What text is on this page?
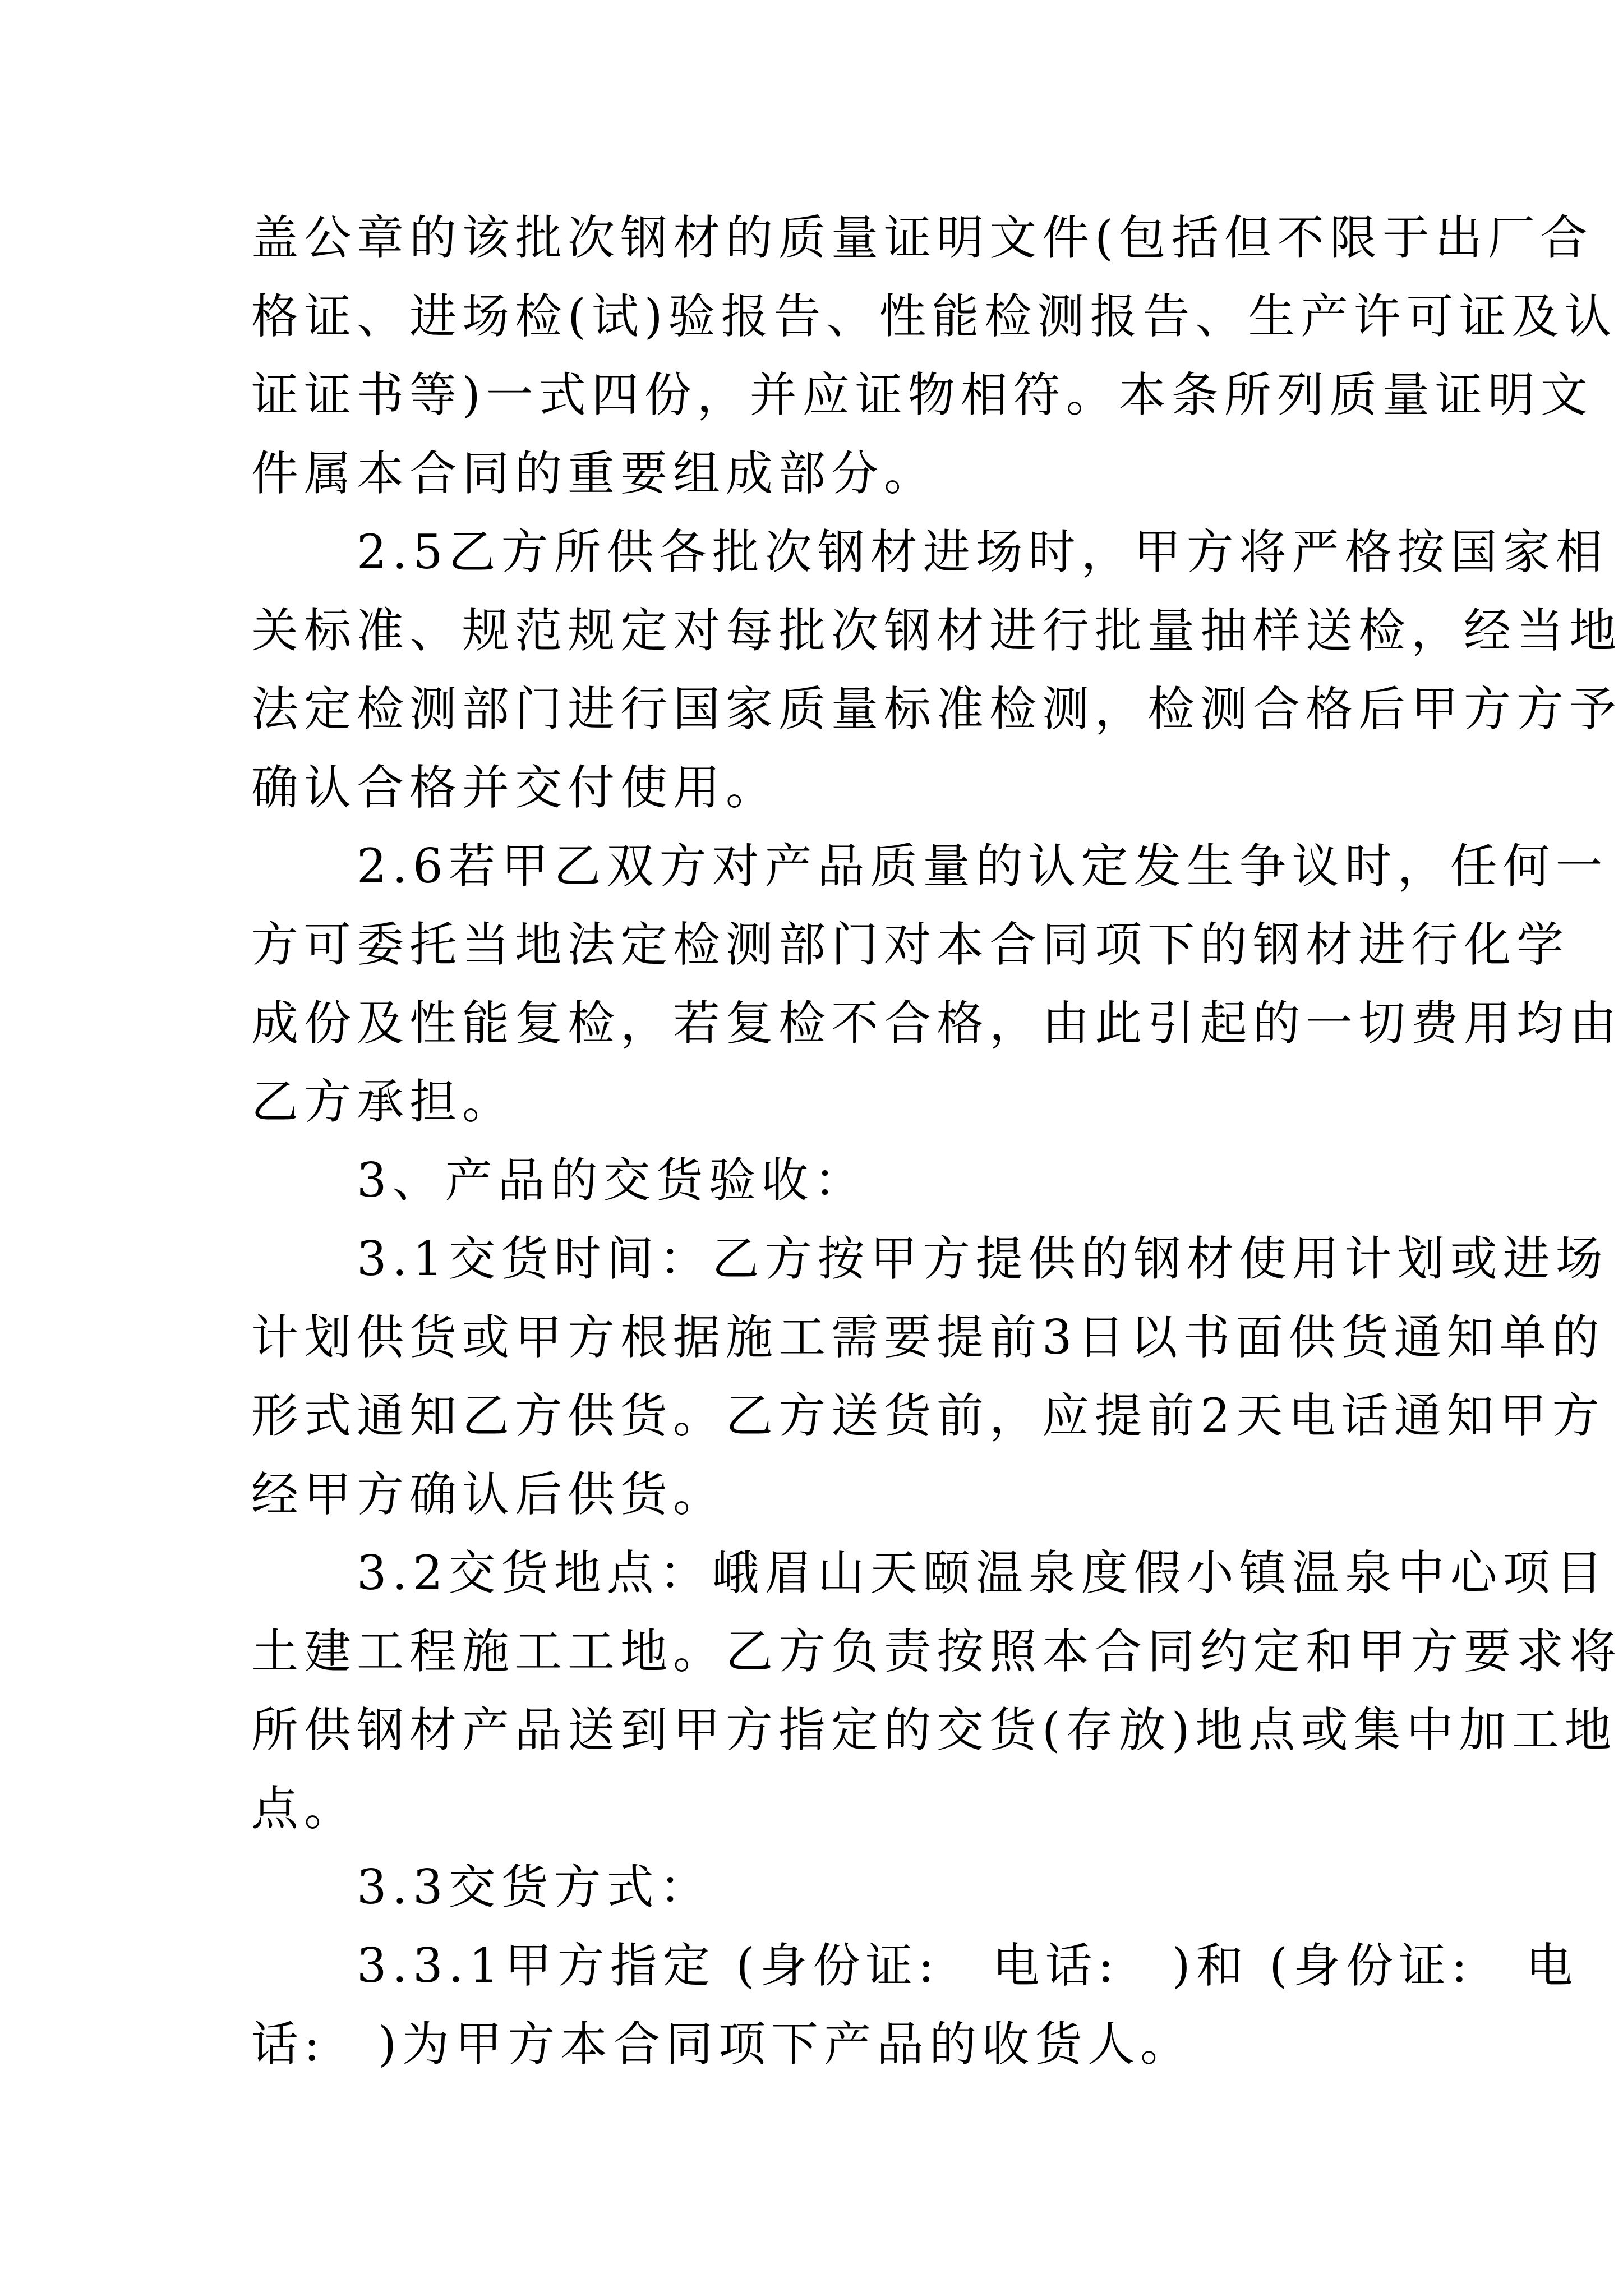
盖公章的该批次钢材的质量证明文件(包括但不限于出厂合
格证、进场检(试)验报告、性能检测报告、生产许可证及认
证证书等)一式四份，并应证物相符。本条所列质量证明文
件属本合同的重要组成部分。
　　2.5乙方所供各批次钢材进场时，甲方将严格按国家相
关标准、规范规定对每批次钢材进行批量抽样送检，经当地
法定检测部门进行国家质量标准检测，检测合格后甲方方予
确认合格并交付使用。
　　2.6若甲乙双方对产品质量的认定发生争议时，任何一
方可委托当地法定检测部门对本合同项下的钢材进行化学
成份及性能复检，若复检不合格，由此引起的一切费用均由
乙方承担。
　　3、产品的交货验收：
　　3.1交货时间：乙方按甲方提供的钢材使用计划或进场
计划供货或甲方根据施工需要提前3日以书面供货通知单的
形式通知乙方供货。乙方送货前，应提前2天电话通知甲方
经甲方确认后供货。
　　3.2交货地点：峨眉山天颐温泉度假小镇温泉中心项目
土建工程施工工地。乙方负责按照本合同约定和甲方要求将
所供钢材产品送到甲方指定的交货(存放)地点或集中加工地
点。
　　3.3交货方式：
　　3.3.1甲方指定 (身份证:　电话:　)和 (身份证:　电
话:　)为甲方本合同项下产品的收货人。
